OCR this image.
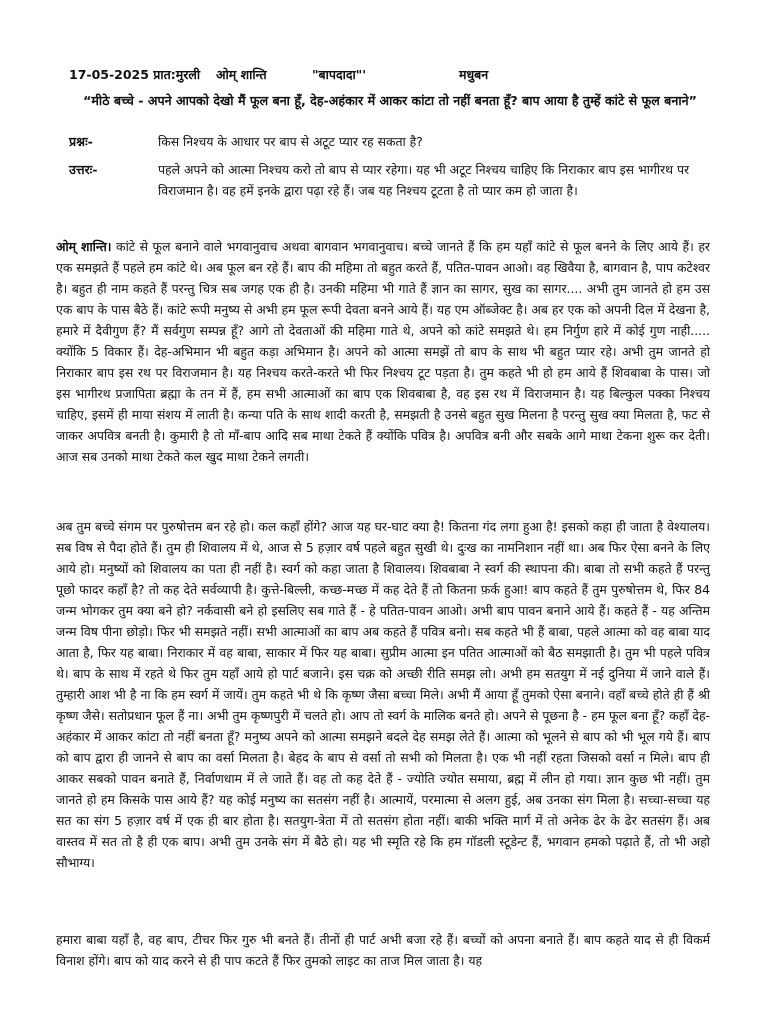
17-05-2025 प्रात:मुरली ओम् शान्ति	"बापदादा"'	मधुबन
“मीठे बच्चे - अपने आपको देखो मैं फूल बना हूँ, देह-अहंकार में आकर कांटा तो नहीं बनता हूँ? बाप आया है तुम्हें कांटे से फूल बनाने”
प्रश्नः-	किस निश्चय के आधार पर बाप से अटूट प्यार रह सकता है?
उत्तरः-	पहले अपने को आत्मा निश्चय करो तो बाप से प्यार रहेगा। यह भी अटूट निश्चय चाहिए कि निराकार बाप इस भागीरथ पर विराजमान है। वह हमें इनके द्वारा पढ़ा रहे हैं। जब यह निश्चय टूटता है तो प्यार कम हो जाता है।

ओम् शान्ति। कांटे से फूल बनाने वाले भगवानुवाच अथवा बागवान भगवानुवाच। बच्चे जानते हैं कि हम यहाँ कांटे से फूल बनने के लिए आये हैं। हर एक समझते हैं पहले हम कांटे थे। अब फूल बन रहे हैं। बाप की महिमा तो बहुत करते हैं, पतित-पावन आओ। वह खिवैया है, बागवान है, पाप कटेश्वर है। बहुत ही नाम कहते हैं परन्तु चित्र सब जगह एक ही है। उनकी महिमा भी गाते हैं ज्ञान का सागर, सुख का सागर.... अभी तुम जानते हो हम उस एक बाप के पास बैठे हैं। कांटे रूपी मनुष्य से अभी हम फूल रूपी देवता बनने आये हैं। यह एम ऑब्जेक्ट है। अब हर एक को अपनी दिल में देखना है, हमारे में दैवीगुण हैं? मैं सर्वगुण सम्पन्न हूँ? आगे तो देवताओं की महिमा गाते थे, अपने को कांटे समझते थे। हम निर्गुण हारे में कोई गुण नाही..... क्योंकि 5 विकार हैं। देह-अभिमान भी बहुत कड़ा अभिमान है। अपने को आत्मा समझें तो बाप के साथ भी बहुत प्यार रहे। अभी तुम जानते हो निराकार बाप इस रथ पर विराजमान है। यह निश्चय करते-करते भी फिर निश्चय टूट पड़ता है। तुम कहते भी हो हम आये हैं शिवबाबा के पास। जो इस भागीरथ प्रजापिता ब्रह्मा के तन में हैं, हम सभी आत्माओं का बाप एक शिवबाबा है, वह इस रथ में विराजमान है। यह बिल्कुल पक्का निश्चय चाहिए, इसमें ही माया संशय में लाती है। कन्या पति के साथ शादी करती है, समझती है उनसे बहुत सुख मिलना है परन्तु सुख क्या मिलता है, फट से जाकर अपवित्र बनती है। कुमारी है तो माँ-बाप आदि सब माथा टेकते हैं क्योंकि पवित्र है। अपवित्र बनी और सबके आगे माथा टेकना शुरू कर देती। आज सब उनको माथा टेकते कल खुद माथा टेकने लगती।

अब तुम बच्चे संगम पर पुरुषोत्तम बन रहे हो। कल कहाँ होंगे? आज यह घर-घाट क्या है! कितना गंद लगा हुआ है! इसको कहा ही जाता है वेश्यालय। सब विष से पैदा होते हैं। तुम ही शिवालय में थे, आज से 5 हज़ार वर्ष पहले बहुत सुखी थे। दुःख का नामनिशान नहीं था। अब फिर ऐसा बनने के लिए आये हो। मनुष्यों को शिवालय का पता ही नहीं है। स्वर्ग को कहा जाता है शिवालय। शिवबाबा ने स्वर्ग की स्थापना की। बाबा तो सभी कहते हैं परन्तु पूछो फादर कहाँ है? तो कह देते सर्वव्यापी है। कुत्ते-बिल्ली, कच्छ-मच्छ में कह देते हैं तो कितना फ़र्क हुआ! बाप कहते हैं तुम पुरुषोत्तम थे, फिर 84 जन्म भोगकर तुम क्या बने हो? नर्कवासी बने हो इसलिए सब गाते हैं - हे पतित-पावन आओ। अभी बाप पावन बनाने आये हैं। कहते हैं - यह अन्तिम जन्म विष पीना छोड़ो। फिर भी समझते नहीं। सभी आत्माओं का बाप अब कहते हैं पवित्र बनो। सब कहते भी हैं बाबा, पहले आत्मा को वह बाबा याद आता है, फिर यह बाबा। निराकार में वह बाबा, साकार में फिर यह बाबा। सुप्रीम आत्मा इन पतित आत्माओं को बैठ समझाती है। तुम भी पहले पवित्र थे। बाप के साथ में रहते थे फिर तुम यहाँ आये हो पार्ट बजाने। इस चक्र को अच्छी रीति समझ लो। अभी हम सतयुग में नई दुनिया में जाने वाले हैं। तुम्हारी आश भी है ना कि हम स्वर्ग में जायें। तुम कहते भी थे कि कृष्ण जैसा बच्चा मिले। अभी मैं आया हूँ तुमको ऐसा बनाने। वहाँ बच्चे होते ही हैं श्री कृष्ण जैसे। सतोप्रधान फूल हैं ना। अभी तुम कृष्णपुरी में चलते हो। आप तो स्वर्ग के मालिक बनते हो। अपने से पूछना है - हम फूल बना हूँ? कहाँ देह-अहंकार में आकर कांटा तो नहीं बनता हूँ? मनुष्य अपने को आत्मा समझने बदले देह समझ लेते हैं। आत्मा को भूलने से बाप को भी भूल गये हैं। बाप को बाप द्वारा ही जानने से बाप का वर्सा मिलता है। बेहद के बाप से वर्सा तो सभी को मिलता है। एक भी नहीं रहता जिसको वर्सा न मिले। बाप ही आकर सबको पावन बनाते हैं, निर्वाणधाम में ले जाते हैं। वह तो कह देते हैं - ज्योति ज्योत समाया, ब्रह्म में लीन हो गया। ज्ञान कुछ भी नहीं। तुम जानते हो हम किसके पास आये हैं? यह कोई मनुष्य का सतसंग नहीं है। आत्मायें, परमात्मा से अलग हुई, अब उनका संग मिला है। सच्चा-सच्चा यह सत का संग 5 हज़ार वर्ष में एक ही बार होता है। सतयुग-त्रेता में तो सतसंग होता नहीं। बाकी भक्ति मार्ग में तो अनेक ढेर के ढेर सतसंग हैं। अब वास्तव में सत तो है ही एक बाप। अभी तुम उनके संग में बैठे हो। यह भी स्मृति रहे कि हम गॉडली स्टूडेन्ट हैं, भगवान हमको पढ़ाते हैं, तो भी अहो सौभाग्य।

हमारा बाबा यहाँ है, वह बाप, टीचर फिर गुरु भी बनते हैं। तीनों ही पार्ट अभी बजा रहे हैं। बच्चों को अपना बनाते हैं। बाप कहते याद से ही विकर्म विनाश होंगे। बाप को याद करने से ही पाप कटते हैं फिर तुमको लाइट का ताज मिल जाता है। यह
